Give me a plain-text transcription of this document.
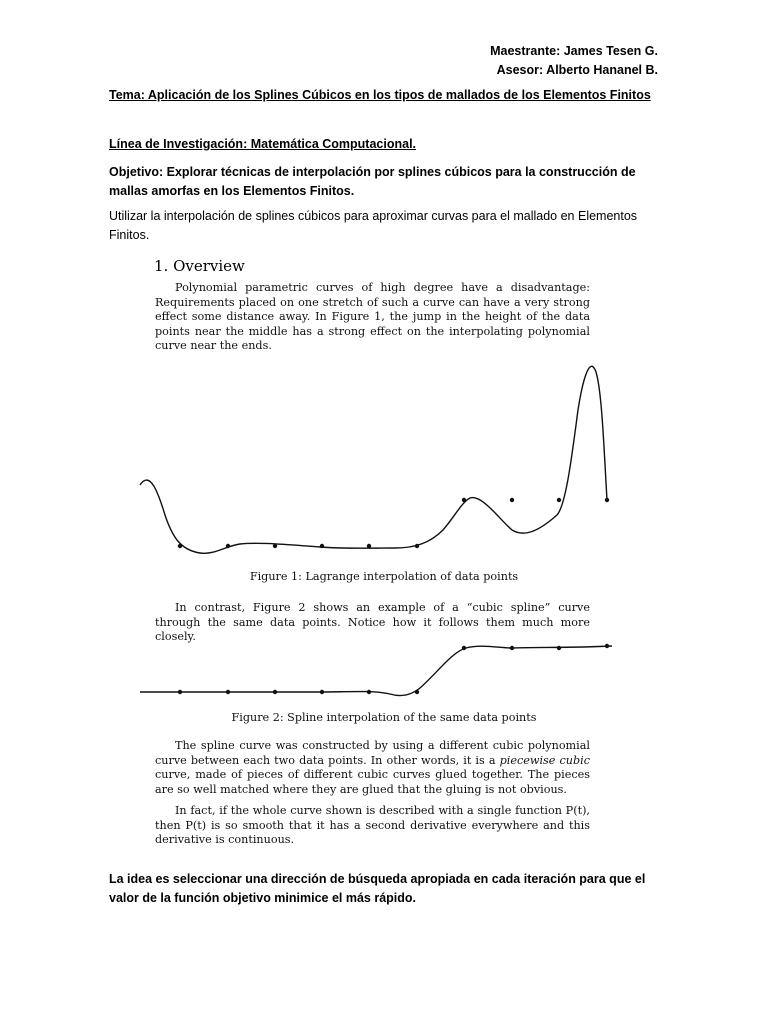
Maestrante: James Tesen G.
Asesor: Alberto Hananel B.
Tema: Aplicación de los Splines Cúbicos en los tipos de mallados de los Elementos Finitos
Línea de Investigación: Matemática Computacional.
Objetivo: Explorar técnicas de interpolación por splines cúbicos para la construcción de mallas amorfas en los Elementos Finitos.
Utilizar la interpolación de splines cúbicos para aproximar curvas para el mallado en Elementos Finitos.
1. Overview
Polynomial parametric curves of high degree have a disadvantage: Requirements placed on one stretch of such a curve can have a very strong effect some distance away. In Figure 1, the jump in the height of the data points near the middle has a strong effect on the interpolating polynomial curve near the ends.
Figure 1: Lagrange interpolation of data points
In contrast, Figure 2 shows an example of a “cubic spline” curve through the same data points. Notice how it follows them much more closely.
Figure 2: Spline interpolation of the same data points
The spline curve was constructed by using a different cubic polynomial curve between each two data points. In other words, it is a piecewise cubic curve, made of pieces of different cubic curves glued together. The pieces are so well matched where they are glued that the gluing is not obvious.
In fact, if the whole curve shown is described with a single function P(t), then P(t) is so smooth that it has a second derivative everywhere and this derivative is continuous.
La idea es seleccionar una dirección de búsqueda apropiada en cada iteración para que el valor de la función objetivo minimice el más rápido.
